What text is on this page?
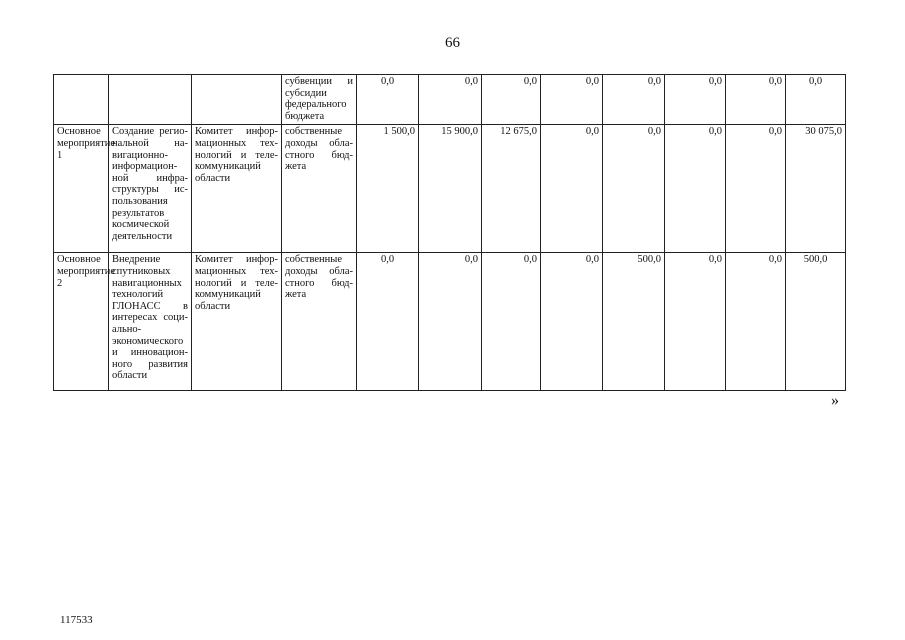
66
			субвенции и субсидии федерального бюджета	0,0	0,0	0,0	0,0	0,0	0,0	0,0	0,0
Основное мероприятие 1	Создание региональной навигационно-информационной инфраструктуры использования результатов космической деятельности	Комитет информационных технологий и телекоммуникаций области	собственные доходы областного бюджета	1 500,0	15 900,0	12 675,0	0,0	0,0	0,0	0,0	30 075,0
Основное мероприятие 2	Внедрение спутниковых навигационных технологий ГЛОНАСС в интересах социально-экономического и инновационного развития области	Комитет информационных технологий и телекоммуникаций области	собственные доходы областного бюджета	0,0	0,0	0,0	0,0	500,0	0,0	0,0	500,0
»
117533
